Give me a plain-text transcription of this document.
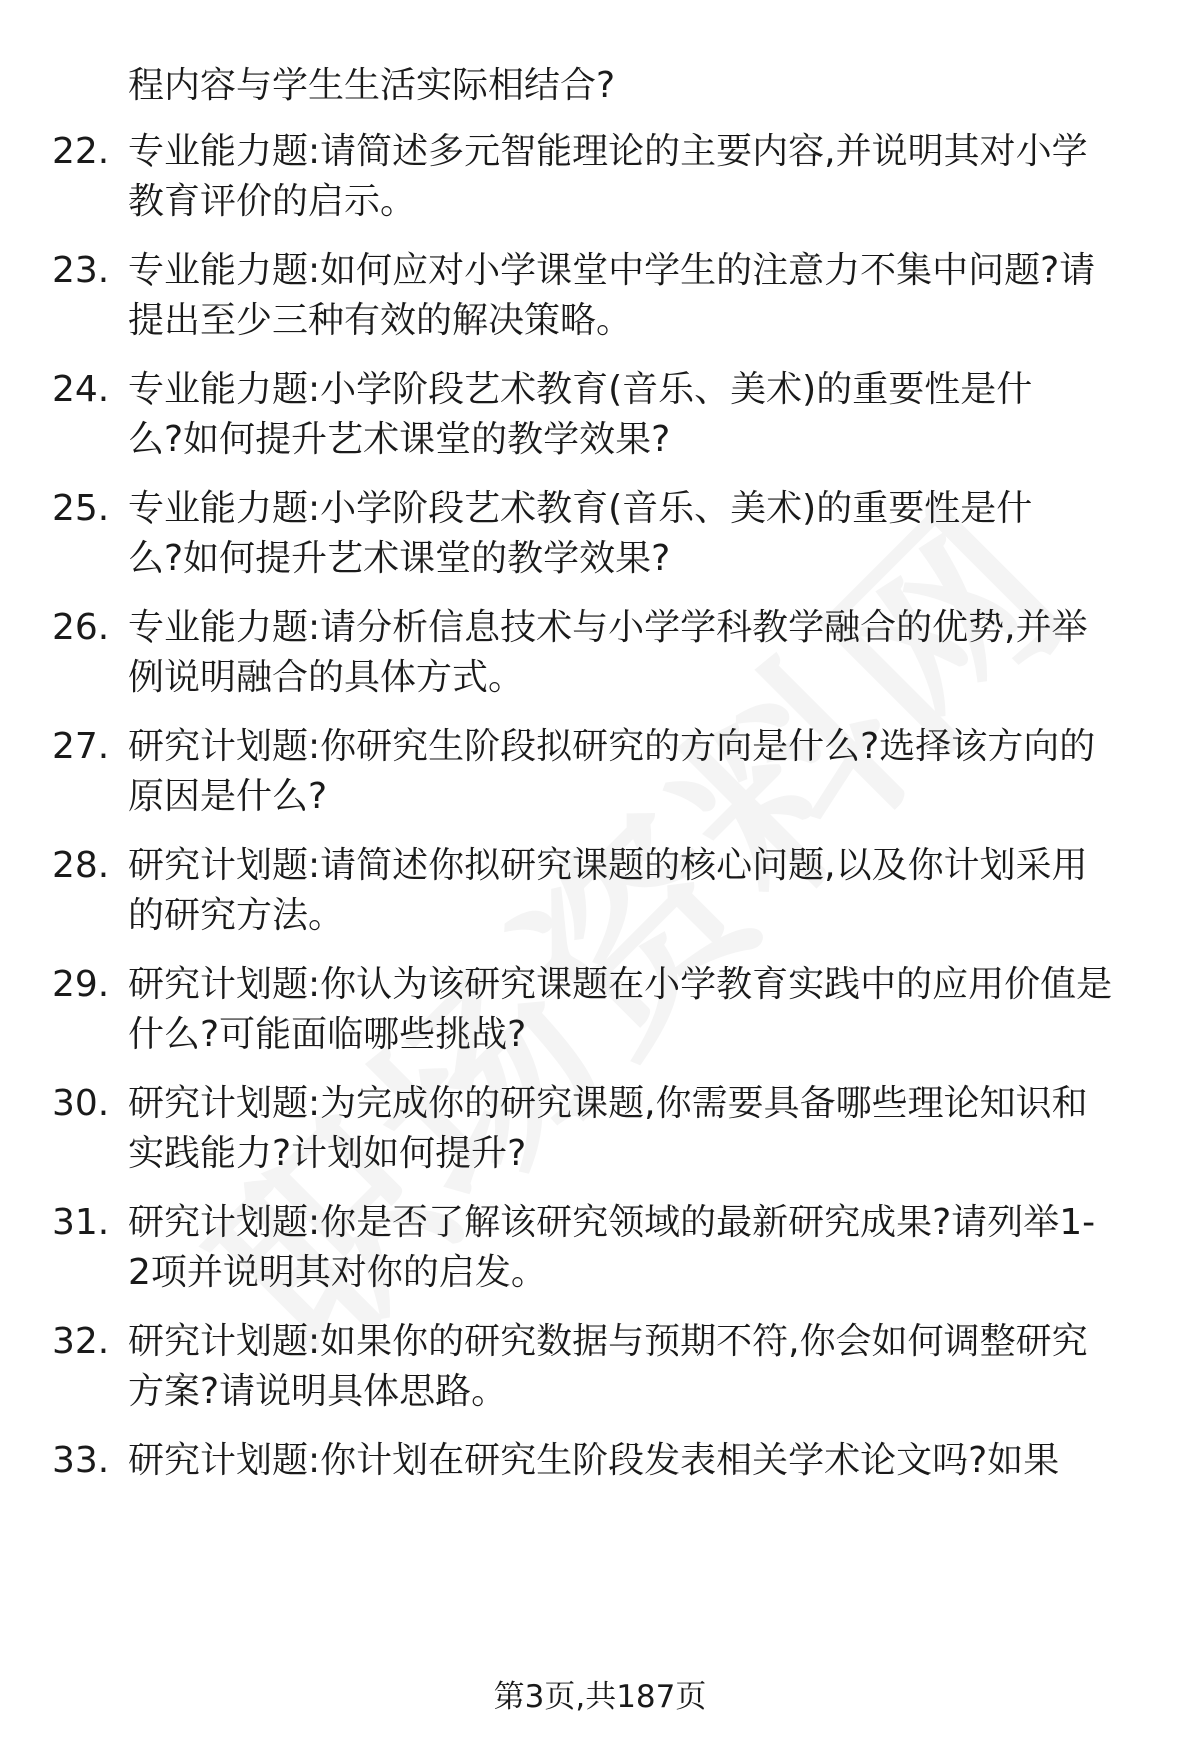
程内容与学生生活实际相结合?
22. 专业能力题:请简述多元智能理论的主要内容,并说明其对小学
教育评价的启示。
23. 专业能力题:如何应对小学课堂中学生的注意力不集中问题?请
提出至少三种有效的解决策略。
24. 专业能力题:小学阶段艺术教育(音乐、美术)的重要性是什
么?如何提升艺术课堂的教学效果?
25. 专业能力题:小学阶段艺术教育(音乐、美术)的重要性是什
么?如何提升艺术课堂的教学效果?
26. 专业能力题:请分析信息技术与小学学科教学融合的优势,并举
例说明融合的具体方式。
27. 研究计划题:你研究生阶段拟研究的方向是什么?选择该方向的
原因是什么?
28. 研究计划题:请简述你拟研究课题的核心问题,以及你计划采用
的研究方法。
29. 研究计划题:你认为该研究课题在小学教育实践中的应用价值是
什么?可能面临哪些挑战?
30. 研究计划题:为完成你的研究课题,你需要具备哪些理论知识和
实践能力?计划如何提升?
31. 研究计划题:你是否了解该研究领域的最新研究成果?请列举1-
2项并说明其对你的启发。
32. 研究计划题:如果你的研究数据与预期不符,你会如何调整研究
方案?请说明具体思路。
33. 研究计划题:你计划在研究生阶段发表相关学术论文吗?如果
第3页,共187页
